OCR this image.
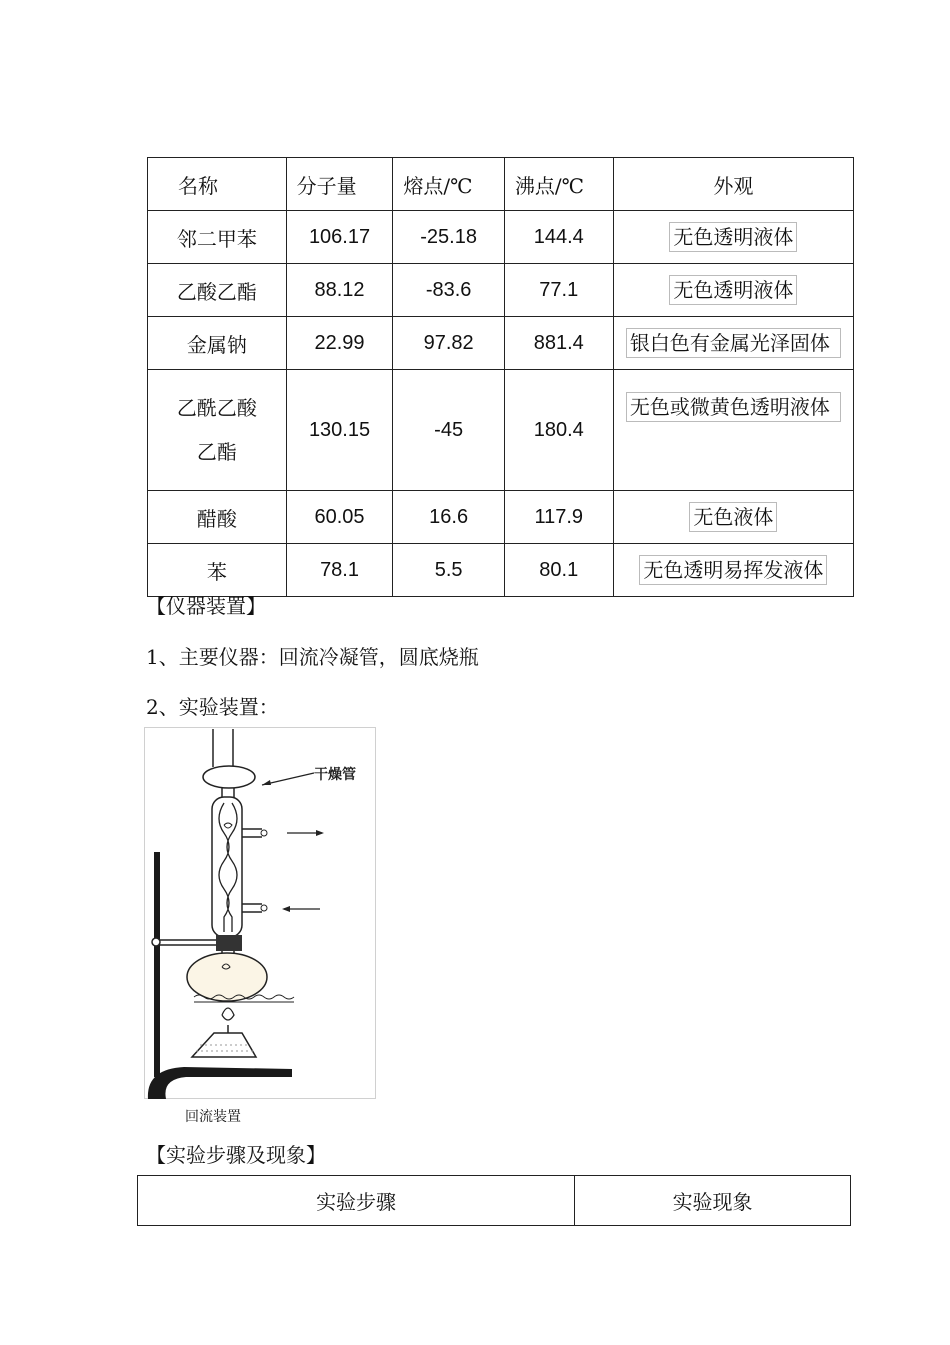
名称	分子量	熔点/℃	沸点/℃	外观
邻二甲苯	106.17	-25.18	144.4	无色透明液体
乙酸乙酯	88.12	-83.6	77.1	无色透明液体
金属钠	22.99	97.82	881.4	银白色有金属光泽固体

乙酰乙酸
乙酯	130.15	-45	180.4	无色或微黄色透明液体
醋酸	60.05	16.6	117.9	无色液体
苯	78.1	5.5	80.1	无色透明易挥发液体

【仪器装置】

1、主要仪器：回流冷凝管，圆底烧瓶

2、实验装置：

干燥管
回流装置

【实验步骤及现象】

实验步骤	实验现象
